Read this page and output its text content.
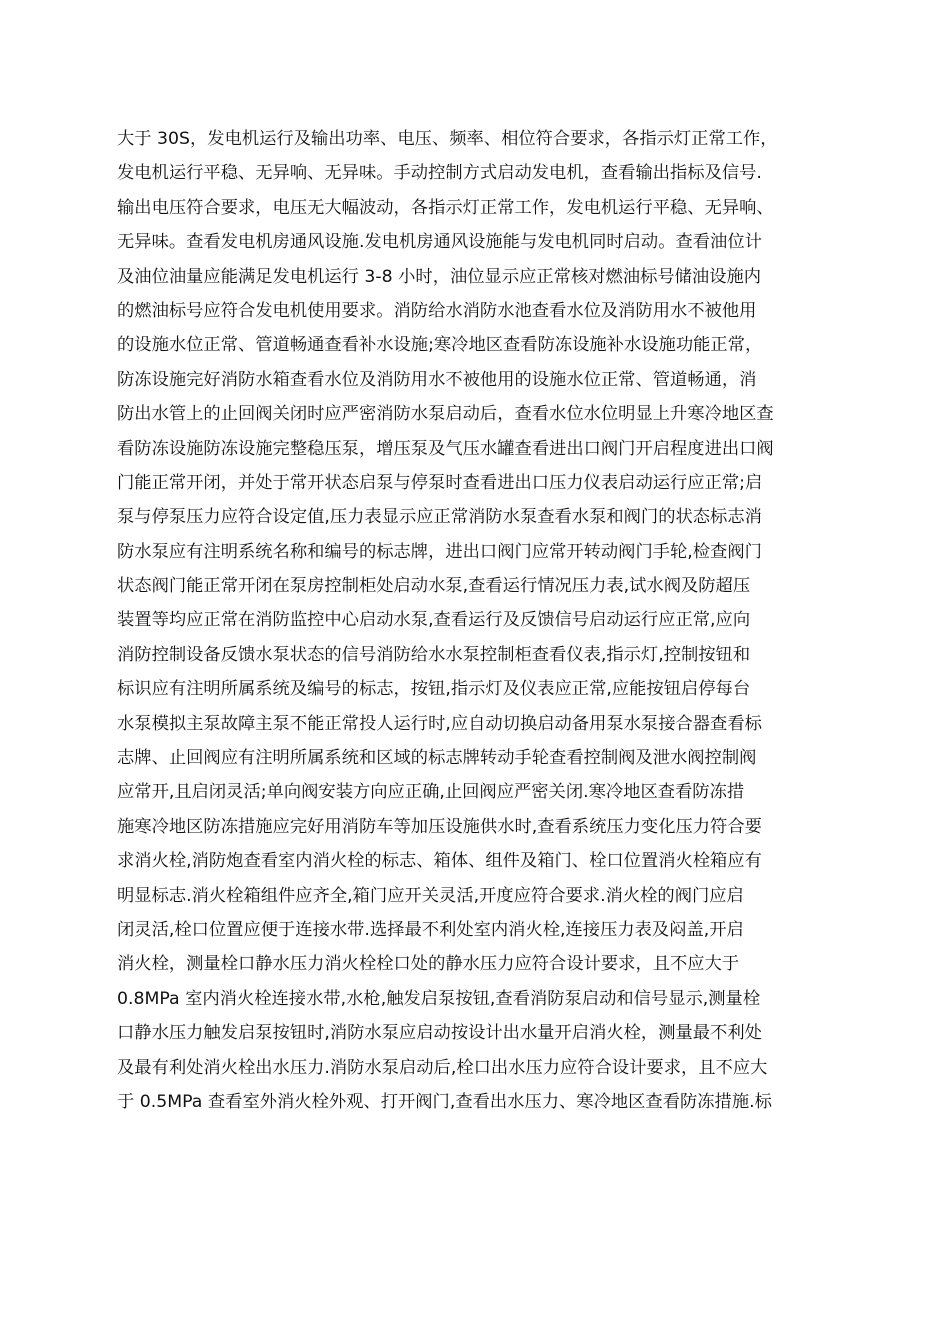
大于 30S，发电机运行及输出功率、电压、频率、相位符合要求，各指示灯正常工作，
发电机运行平稳、无异响、无异味。手动控制方式启动发电机，查看输出指标及信号.
输出电压符合要求，电压无大幅波动，各指示灯正常工作，发电机运行平稳、无异响、
无异味。查看发电机房通风设施.发电机房通风设施能与发电机同时启动。查看油位计
及油位油量应能满足发电机运行 3-8 小时，油位显示应正常核对燃油标号储油设施内
的燃油标号应符合发电机使用要求。消防给水消防水池查看水位及消防用水不被他用
的设施水位正常、管道畅通查看补水设施;寒冷地区查看防冻设施补水设施功能正常，
防冻设施完好消防水箱查看水位及消防用水不被他用的设施水位正常、管道畅通，消
防出水管上的止回阀关闭时应严密消防水泵启动后，查看水位水位明显上升寒冷地区查
看防冻设施防冻设施完整稳压泵，增压泵及气压水罐查看进出口阀门开启程度进出口阀
门能正常开闭，并处于常开状态启泵与停泵时查看进出口压力仪表启动运行应正常;启
泵与停泵压力应符合设定值,压力表显示应正常消防水泵查看水泵和阀门的状态标志消
防水泵应有注明系统名称和编号的标志牌，进出口阀门应常开转动阀门手轮,检查阀门
状态阀门能正常开闭在泵房控制柜处启动水泵,查看运行情况压力表,试水阀及防超压
装置等均应正常在消防监控中心启动水泵,查看运行及反馈信号启动运行应正常,应向
消防控制设备反馈水泵状态的信号消防给水水泵控制柜查看仪表,指示灯,控制按钮和
标识应有注明所属系统及编号的标志，按钮,指示灯及仪表应正常,应能按钮启停每台
水泵模拟主泵故障主泵不能正常投人运行时,应自动切换启动备用泵水泵接合器查看标
志牌、止回阀应有注明所属系统和区域的标志牌转动手轮查看控制阀及泄水阀控制阀
应常开,且启闭灵活;单向阀安装方向应正确,止回阀应严密关闭.寒冷地区查看防冻措
施寒冷地区防冻措施应完好用消防车等加压设施供水时,查看系统压力变化压力符合要
求消火栓,消防炮查看室内消火栓的标志、箱体、组件及箱门、栓口位置消火栓箱应有
明显标志.消火栓箱组件应齐全,箱门应开关灵活,开度应符合要求.消火栓的阀门应启
闭灵活,栓口位置应便于连接水带.选择最不利处室内消火栓,连接压力表及闷盖,开启
消火栓，测量栓口静水压力消火栓栓口处的静水压力应符合设计要求，且不应大于
0.8MPa 室内消火栓连接水带,水枪,触发启泵按钮,查看消防泵启动和信号显示,测量栓
口静水压力触发启泵按钮时,消防水泵应启动按设计出水量开启消火栓，测量最不利处
及最有利处消火栓出水压力.消防水泵启动后,栓口出水压力应符合设计要求，且不应大
于 0.5MPa 查看室外消火栓外观、打开阀门,查看出水压力、寒冷地区查看防冻措施.标
